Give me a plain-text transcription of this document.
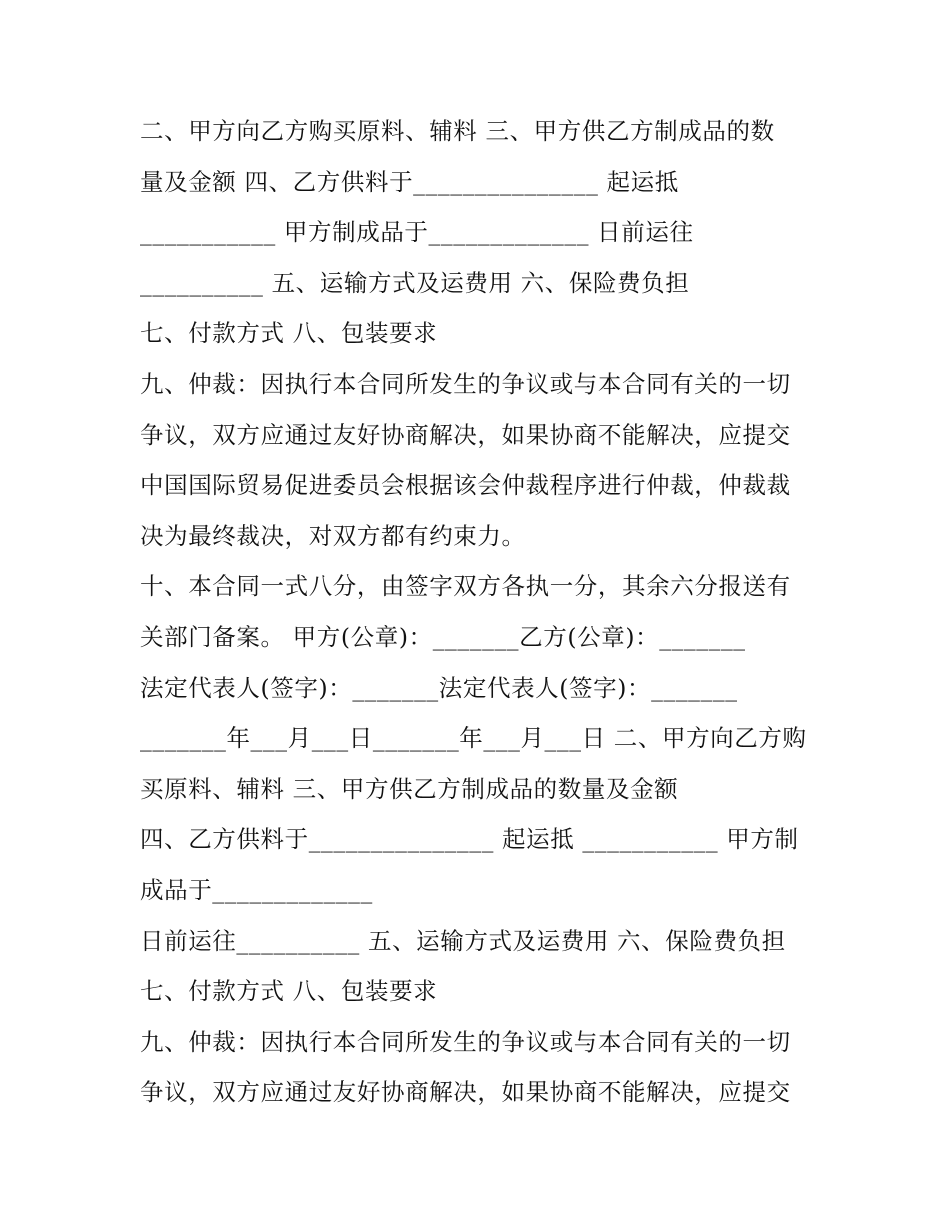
二、甲方向乙方购买原料、辅料 三、甲方供乙方制成品的数
量及金额 四、乙方供料于_______________ 起运抵
___________ 甲方制成品于_____________ 日前运往
__________ 五、运输方式及运费用 六、保险费负担
七、付款方式 八、包装要求
九、仲裁：因执行本合同所发生的争议或与本合同有关的一切
争议，双方应通过友好协商解决，如果协商不能解决，应提交
中国国际贸易促进委员会根据该会仲裁程序进行仲裁，仲裁裁
决为最终裁决，对双方都有约束力。
十、本合同一式八分，由签字双方各执一分，其余六分报送有
关部门备案。 甲方(公章)：_______乙方(公章)：_______
法定代表人(签字)：_______法定代表人(签字)：_______
_______年___月___日_______年___月___日 二、甲方向乙方购
买原料、辅料 三、甲方供乙方制成品的数量及金额
四、乙方供料于_______________ 起运抵 ___________ 甲方制
成品于_____________
日前运往__________ 五、运输方式及运费用 六、保险费负担
七、付款方式 八、包装要求
九、仲裁：因执行本合同所发生的争议或与本合同有关的一切
争议，双方应通过友好协商解决，如果协商不能解决，应提交
